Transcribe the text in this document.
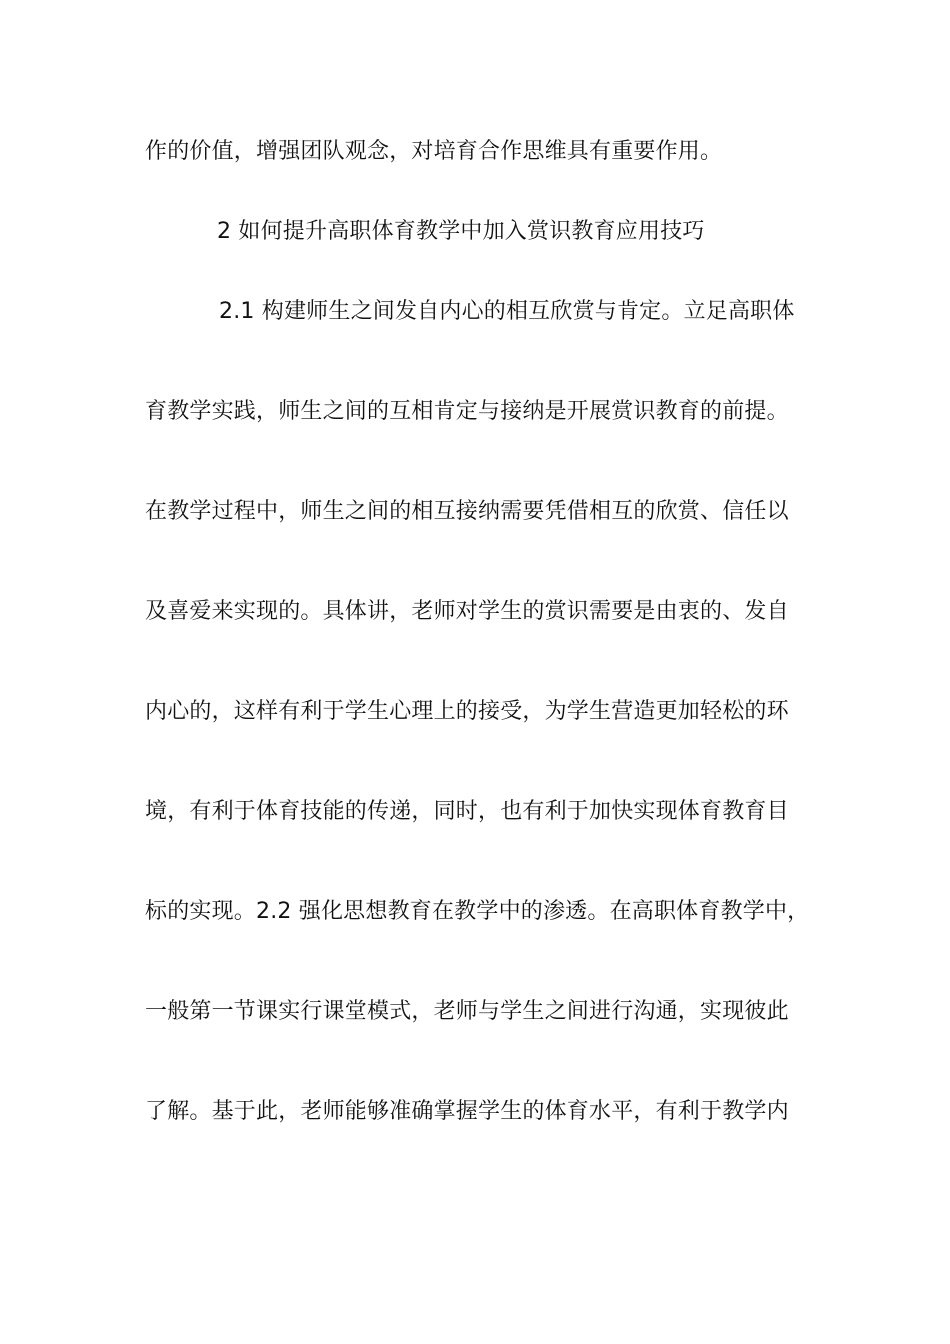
作的价值，增强团队观念，对培育合作思维具有重要作用。
2 如何提升高职体育教学中加入赏识教育应用技巧
2.1 构建师生之间发自内心的相互欣赏与肯定。立足高职体
育教学实践，师生之间的互相肯定与接纳是开展赏识教育的前提。
在教学过程中，师生之间的相互接纳需要凭借相互的欣赏、信任以
及喜爱来实现的。具体讲，老师对学生的赏识需要是由衷的、发自
内心的，这样有利于学生心理上的接受，为学生营造更加轻松的环
境，有利于体育技能的传递，同时，也有利于加快实现体育教育目
标的实现。2.2 强化思想教育在教学中的渗透。在高职体育教学中，
一般第一节课实行课堂模式，老师与学生之间进行沟通，实现彼此
了解。基于此，老师能够准确掌握学生的体育水平，有利于教学内
